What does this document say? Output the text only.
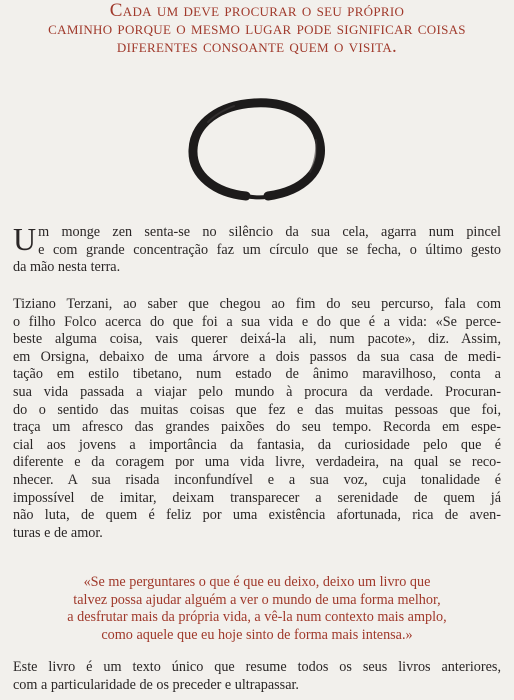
Cada um deve procurar o seu próprio
caminho porque o mesmo lugar pode significar coisas
diferentes consoante quem o visita.
U m monge zen senta-se no silêncio da sua cela, agarra num pincel
e com grande concentração faz um círculo que se fecha, o último gesto
da mão nesta terra.
Tiziano Terzani, ao saber que chegou ao fim do seu percurso, fala com
o filho Folco acerca do que foi a sua vida e do que é a vida: «Se perce-
beste alguma coisa, vais querer deixá-la ali, num pacote», diz. Assim,
em Orsigna, debaixo de uma árvore a dois passos da sua casa de medi-
tação em estilo tibetano, num estado de ânimo maravilhoso, conta a
sua vida passada a viajar pelo mundo à procura da verdade. Procuran-
do o sentido das muitas coisas que fez e das muitas pessoas que foi,
traça um afresco das grandes paixões do seu tempo. Recorda em espe-
cial aos jovens a importância da fantasia, da curiosidade pelo que é
diferente e da coragem por uma vida livre, verdadeira, na qual se reco-
nhecer. A sua risada inconfundível e a sua voz, cuja tonalidade é
impossível de imitar, deixam transparecer a serenidade de quem já
não luta, de quem é feliz por uma existência afortunada, rica de aven-
turas e de amor.
«Se me perguntares o que é que eu deixo, deixo um livro que
talvez possa ajudar alguém a ver o mundo de uma forma melhor,
a desfrutar mais da própria vida, a vê-la num contexto mais amplo,
como aquele que eu hoje sinto de forma mais intensa.»
Este livro é um texto único que resume todos os seus livros anteriores,
com a particularidade de os preceder e ultrapassar.
